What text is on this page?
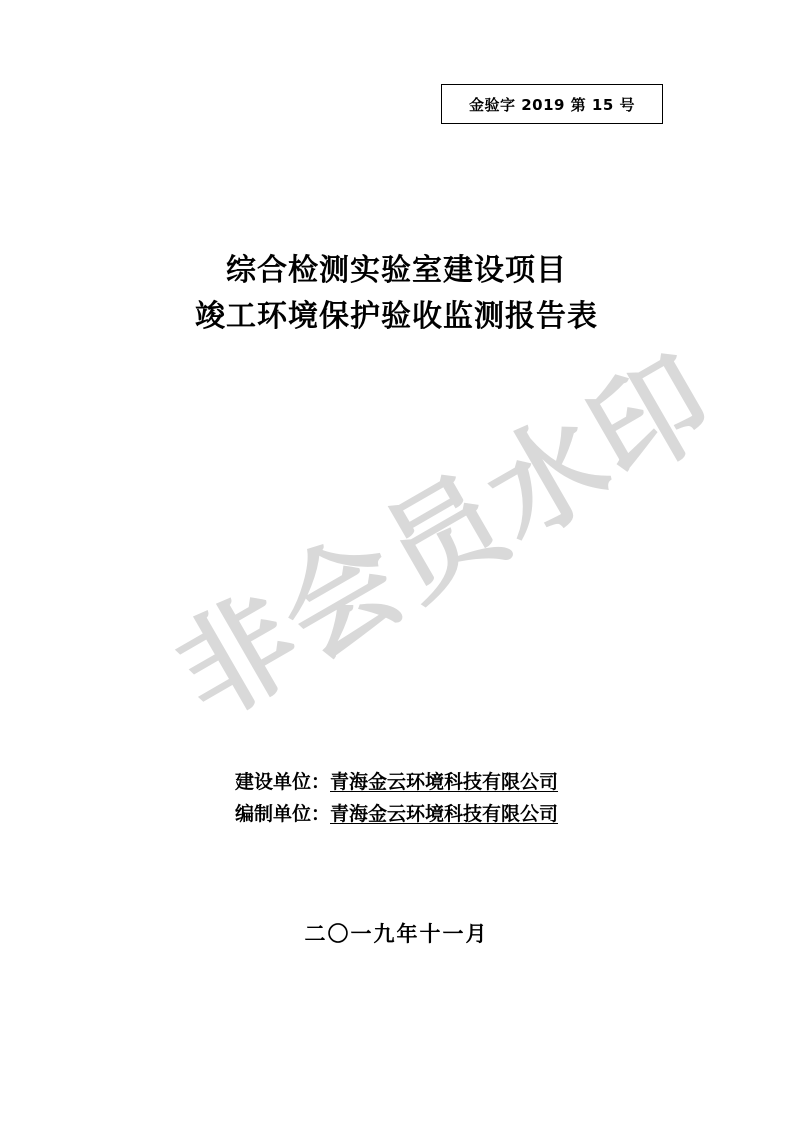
金验字 2019 第 15 号
综合检测实验室建设项目
竣工环境保护验收监测报告表
非会员水印
建设单位：青海金云环境科技有限公司
编制单位：青海金云环境科技有限公司
二〇一九年十一月
